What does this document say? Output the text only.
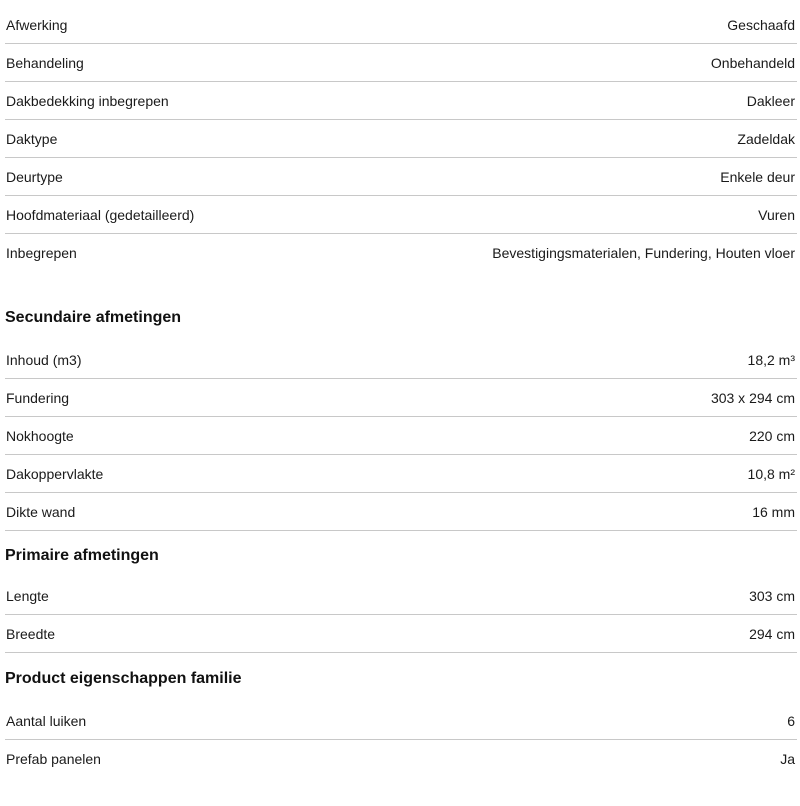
Afwerking	Geschaafd
Behandeling	Onbehandeld
Dakbedekking inbegrepen	Dakleer
Daktype	Zadeldak
Deurtype	Enkele deur
Hoofdmateriaal (gedetailleerd)	Vuren
Inbegrepen	Bevestigingsmaterialen, Fundering, Houten vloer
Secundaire afmetingen
Inhoud (m3)	18,2 m³
Fundering	303 x 294 cm
Nokhoogte	220 cm
Dakoppervlakte	10,8 m²
Dikte wand	16 mm
Primaire afmetingen
Lengte	303 cm
Breedte	294 cm
Product eigenschappen familie
Aantal luiken	6
Prefab panelen	Ja
